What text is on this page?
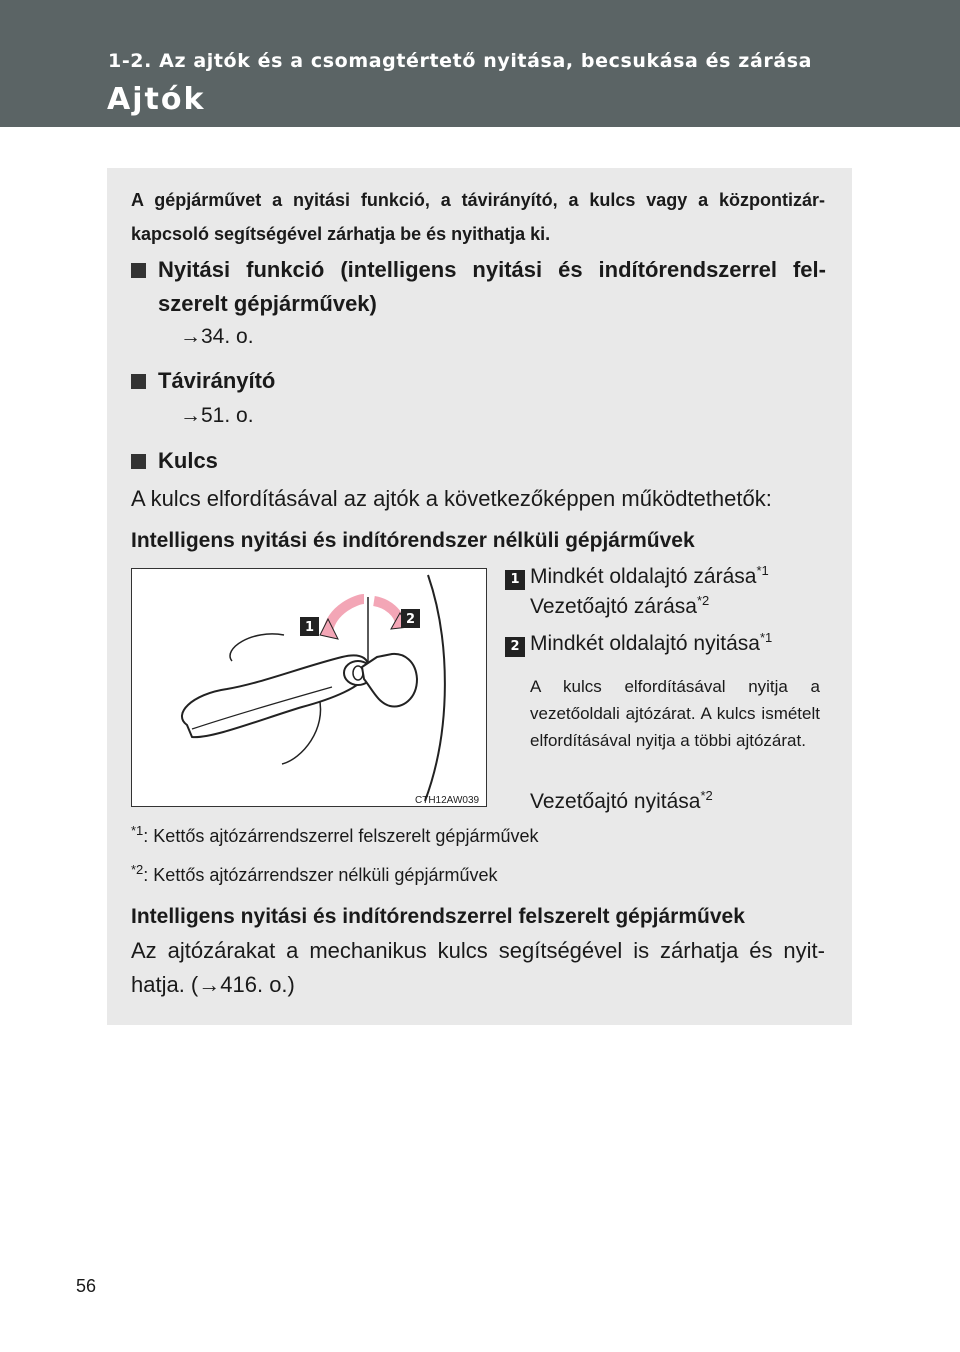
1-2. Az ajtók és a csomagtértető nyitása, becsukása és zárása
Ajtók
A gépjárművet a nyitási funkció, a távirányító, a kulcs vagy a központizár-kapcsoló segítségével zárhatja be és nyithatja ki.
Nyitási funkció (intelligens nyitási és indítórendszerrel fel-
szerelt gépjárművek)
→34. o.
Távirányító
→51. o.
Kulcs
A kulcs elfordításával az ajtók a következőképpen működtethetők:
Intelligens nyitási és indítórendszer nélküli gépjárművek
1
2
CTH12AW039
1 Mindkét oldalajtó zárása$^{*1}$
Vezetőajtó zárása$^{*2}$
2 Mindkét oldalajtó nyitása$^{*1}$
A kulcs elfordításával nyitja a vezetőoldali ajtózárat. A kulcs ismételt elfordításával nyitja a többi ajtózárat.
Vezetőajtó nyitása$^{*2}$
$^{*1}$: Kettős ajtózárrendszerrel felszerelt gépjárművek
$^{*2}$: Kettős ajtózárrendszer nélküli gépjárművek
Intelligens nyitási és indítórendszerrel felszerelt gépjárművek
Az ajtózárakat a mechanikus kulcs segítségével is zárhatja és nyit-
hatja. (→416. o.)
56
